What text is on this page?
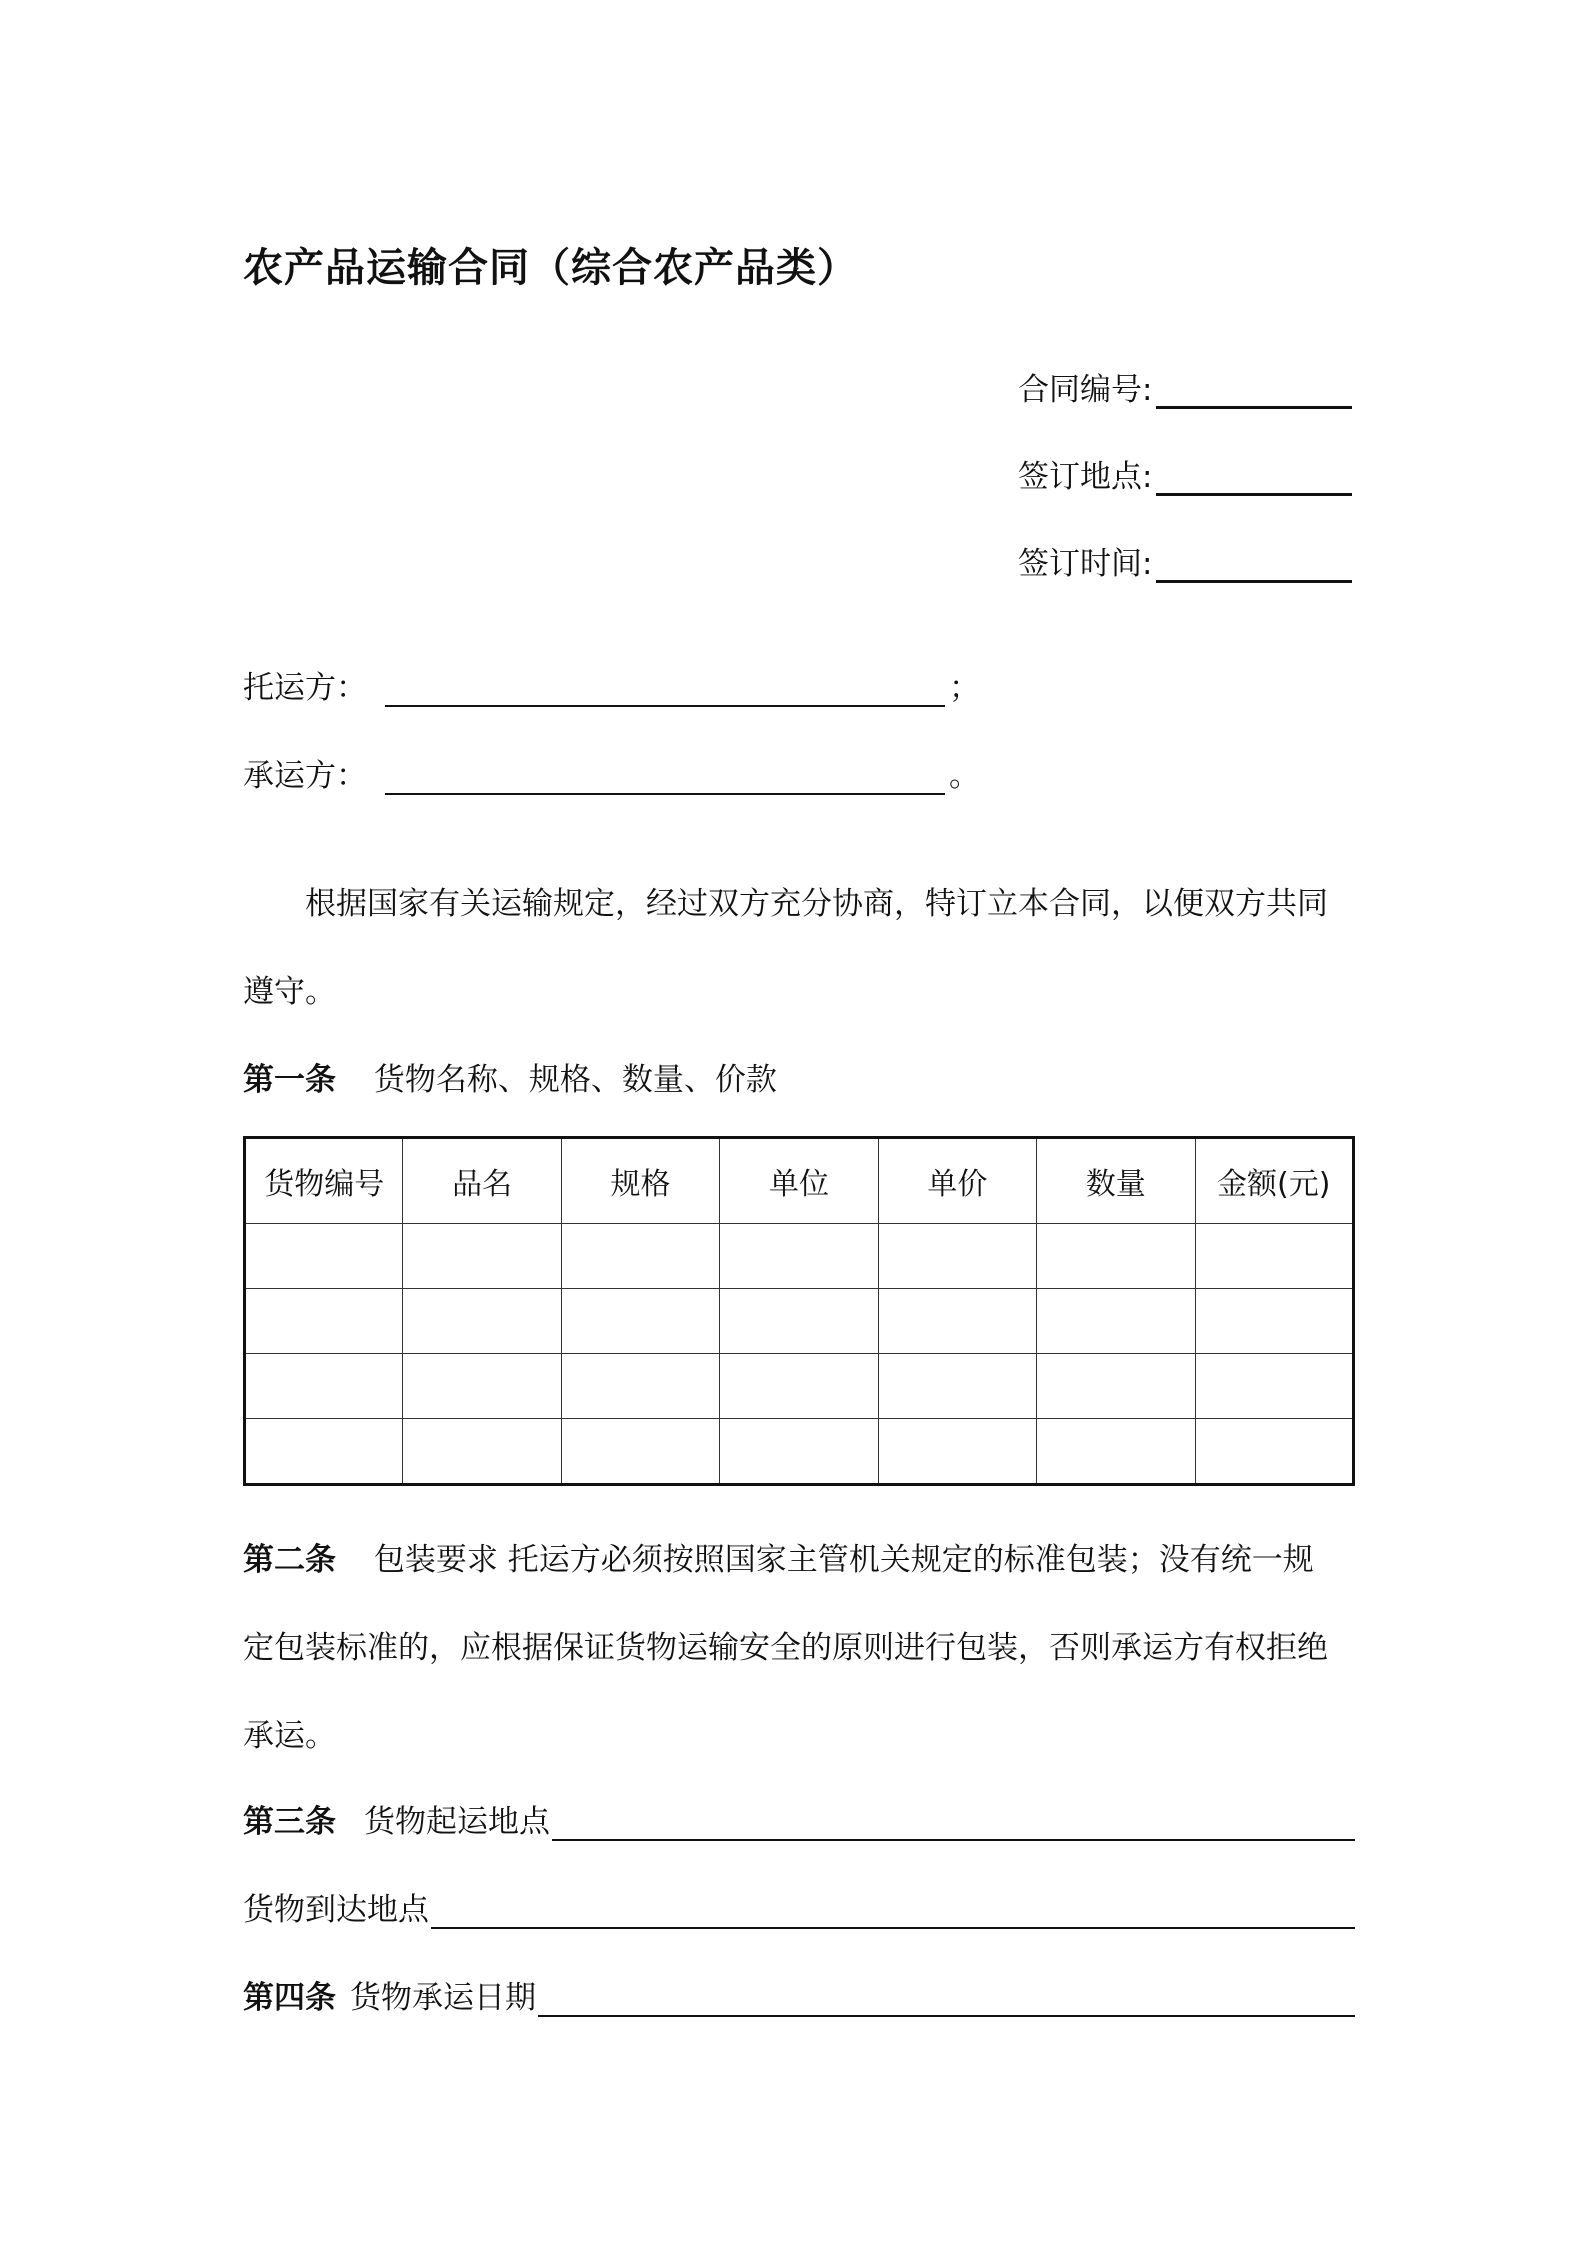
农产品运输合同（综合农产品类）
合同编号:
签订地点:
签订时间:
托运方：	；
承运方：	。
根据国家有关运输规定，经过双方充分协商，特订立本合同，以便双方共同
遵守。
第一条 货物名称、规格、数量、价款
货物编号	品名	规格	单位	单价	数量	金额(元)

第二条 包装要求 托运方必须按照国家主管机关规定的标准包装；没有统一规
定包装标准的，应根据保证货物运输安全的原则进行包装，否则承运方有权拒绝
承运。
第三条 货物起运地点
货物到达地点
第四条 货物承运日期
